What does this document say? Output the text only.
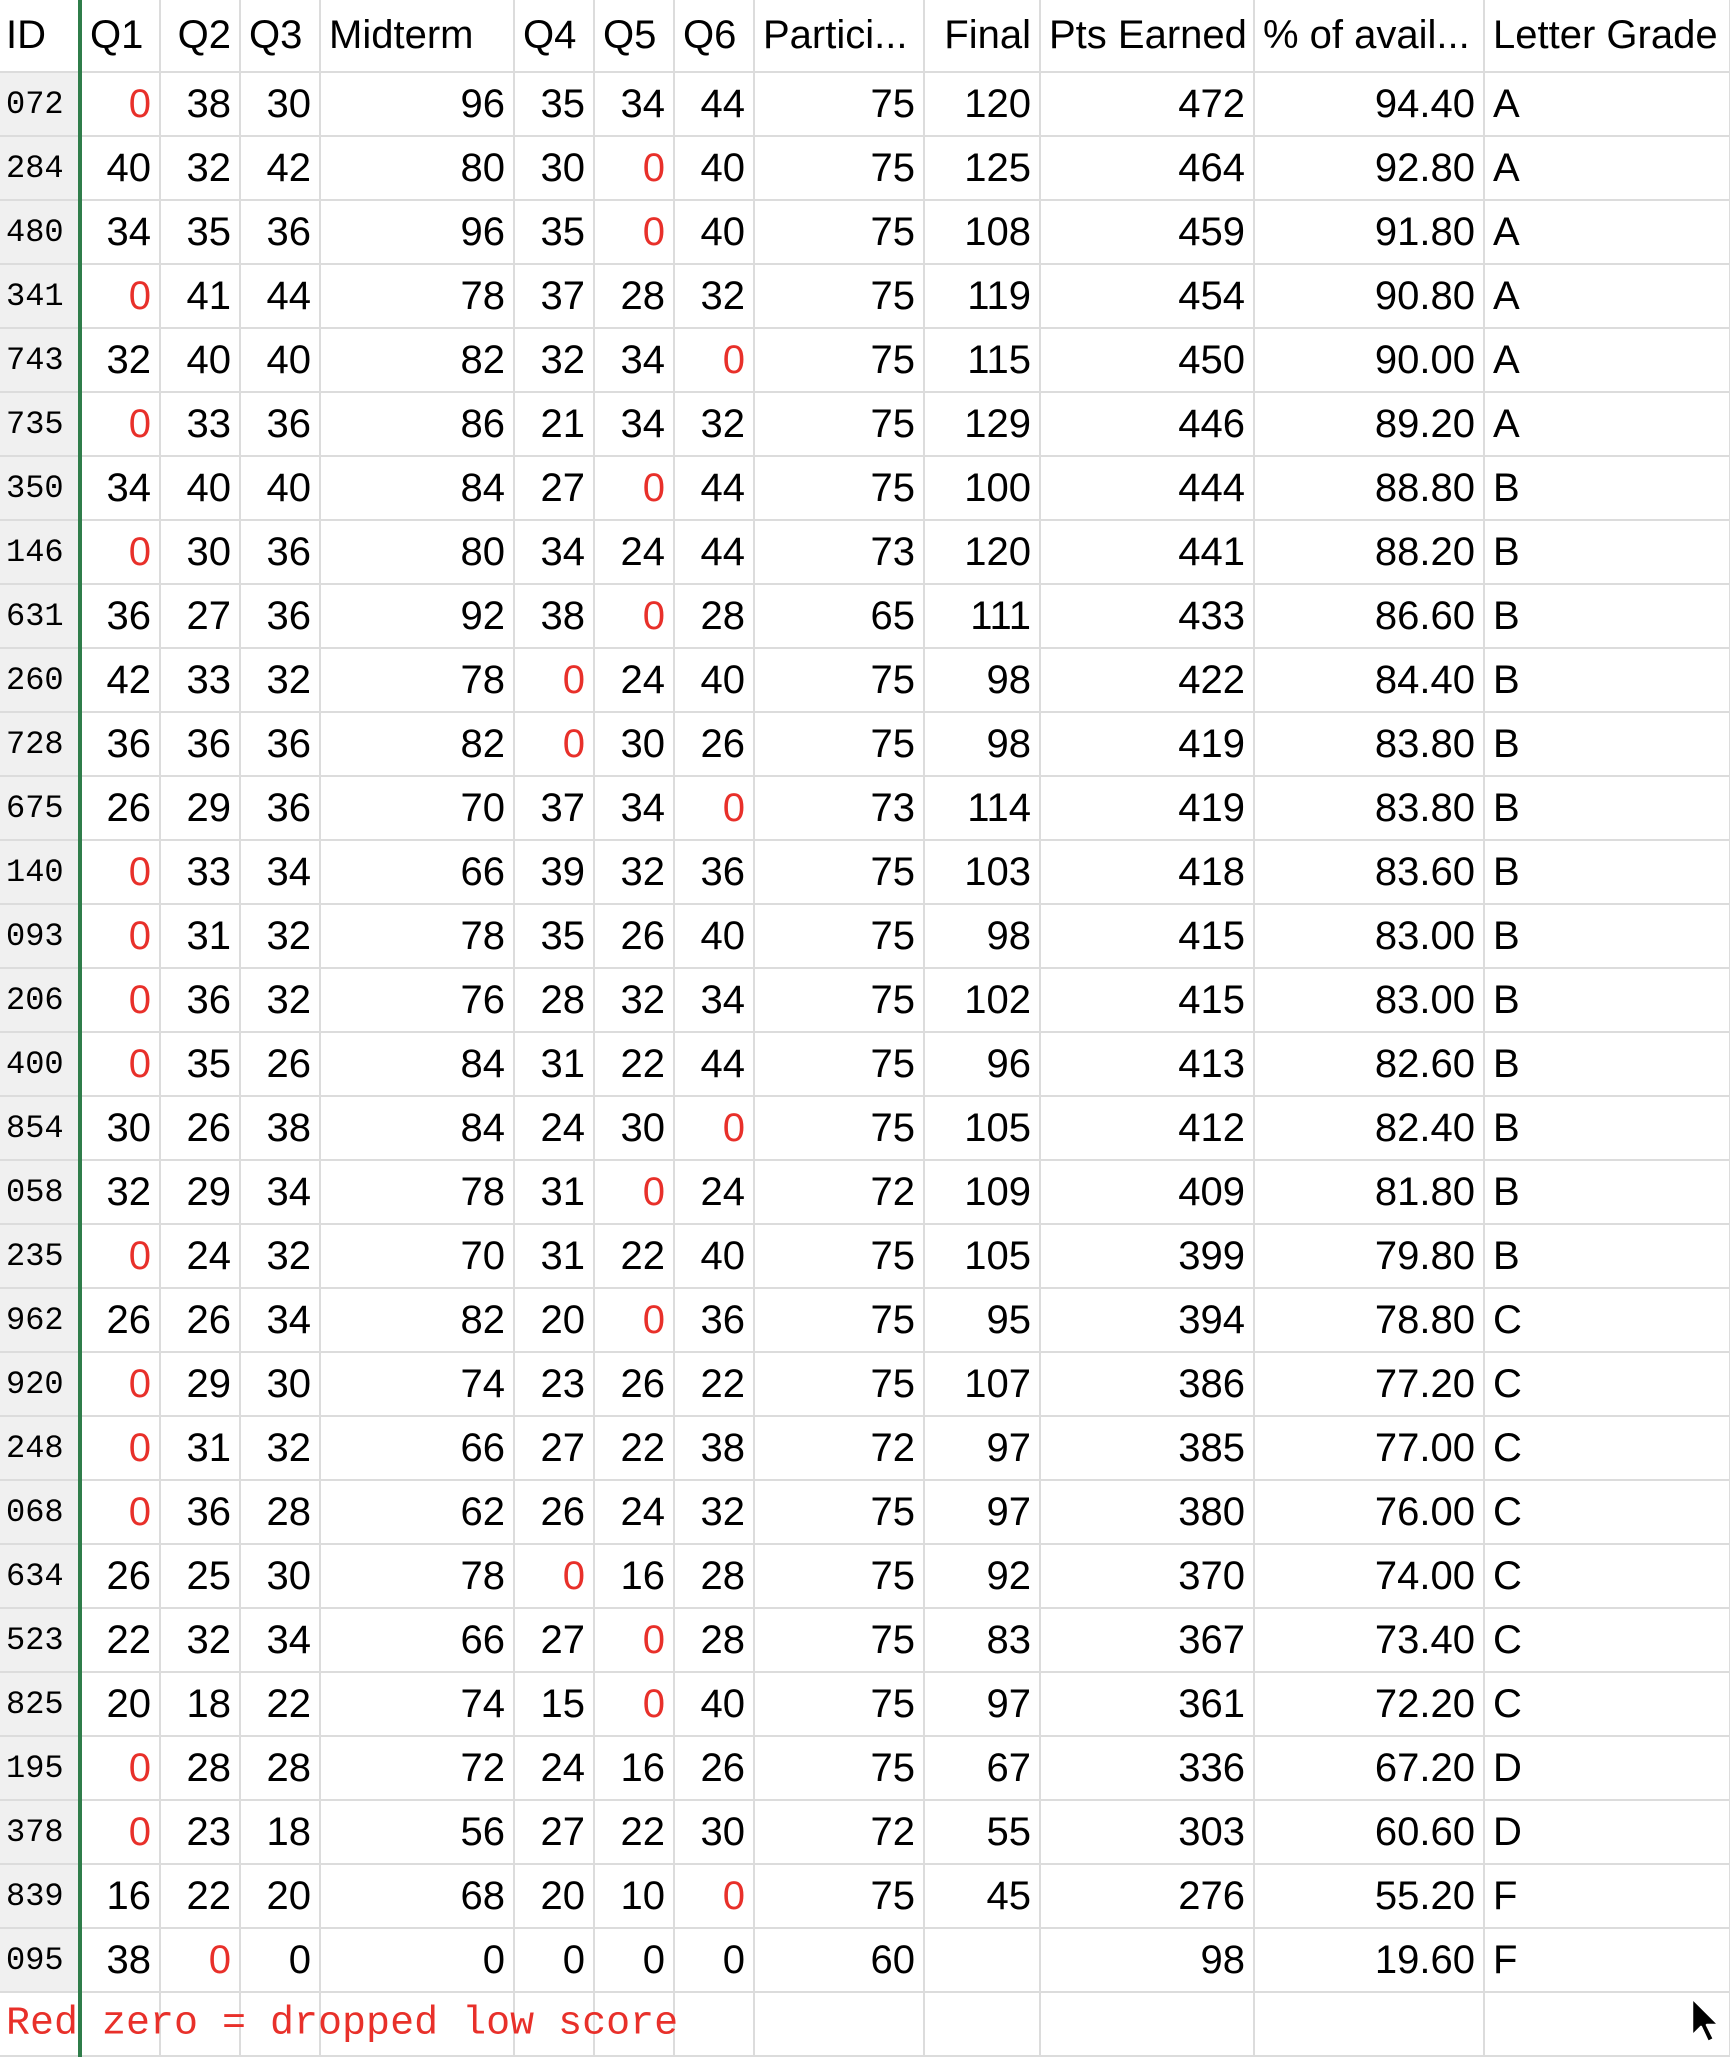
ID	Q1	Q2	Q3	Midterm	Q4	Q5	Q6	Partici...	Final	Pts Earned	% of avail...	Letter Grade
072	0	38	30	96	35	34	44	75	120	472	94.40	A
284	40	32	42	80	30	0	40	75	125	464	92.80	A
480	34	35	36	96	35	0	40	75	108	459	91.80	A
341	0	41	44	78	37	28	32	75	119	454	90.80	A
743	32	40	40	82	32	34	0	75	115	450	90.00	A
735	0	33	36	86	21	34	32	75	129	446	89.20	A
350	34	40	40	84	27	0	44	75	100	444	88.80	B
146	0	30	36	80	34	24	44	73	120	441	88.20	B
631	36	27	36	92	38	0	28	65	111	433	86.60	B
260	42	33	32	78	0	24	40	75	98	422	84.40	B
728	36	36	36	82	0	30	26	75	98	419	83.80	B
675	26	29	36	70	37	34	0	73	114	419	83.80	B
140	0	33	34	66	39	32	36	75	103	418	83.60	B
093	0	31	32	78	35	26	40	75	98	415	83.00	B
206	0	36	32	76	28	32	34	75	102	415	83.00	B
400	0	35	26	84	31	22	44	75	96	413	82.60	B
854	30	26	38	84	24	30	0	75	105	412	82.40	B
058	32	29	34	78	31	0	24	72	109	409	81.80	B
235	0	24	32	70	31	22	40	75	105	399	79.80	B
962	26	26	34	82	20	0	36	75	95	394	78.80	C
920	0	29	30	74	23	26	22	75	107	386	77.20	C
248	0	31	32	66	27	22	38	72	97	385	77.00	C
068	0	36	28	62	26	24	32	75	97	380	76.00	C
634	26	25	30	78	0	16	28	75	92	370	74.00	C
523	22	32	34	66	27	0	28	75	83	367	73.40	C
825	20	18	22	74	15	0	40	75	97	361	72.20	C
195	0	28	28	72	24	16	26	75	67	336	67.20	D
378	0	23	18	56	27	22	30	72	55	303	60.60	D
839	16	22	20	68	20	10	0	75	45	276	55.20	F
095	38	0	0	0	0	0	0	60		98	19.60	F

Red zero = dropped low score												
